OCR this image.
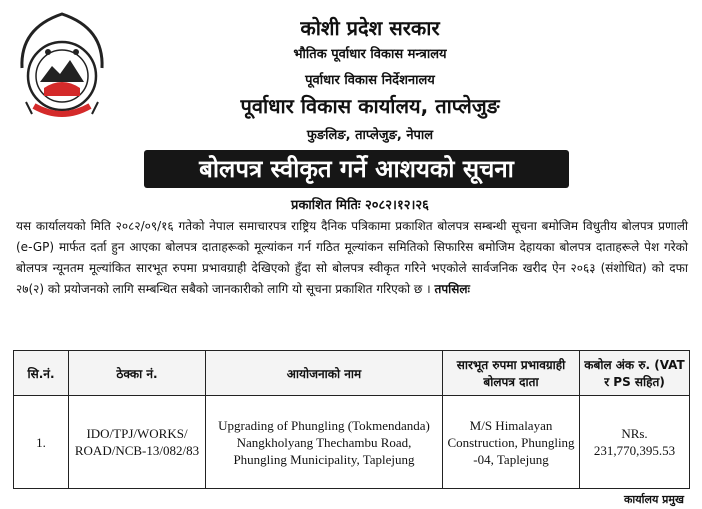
कोशी प्रदेश सरकार
भौतिक पूर्वाधार विकास मन्त्रालय
पूर्वाधार विकास निर्देशनालय
पूर्वाधार विकास कार्यालय, ताप्लेजुङ
फुङलिङ, ताप्लेजुङ, नेपाल
बोलपत्र स्वीकृत गर्ने आशयको सूचना
प्रकाशित मितिः २०८२।१२।२६
यस कार्यालयको मिति २०८२/०९/१६ गतेको नेपाल समाचारपत्र राष्ट्रिय दैनिक पत्रिकामा प्रकाशित बोलपत्र सम्बन्धी सूचना बमोजिम विधुतीय बोलपत्र प्रणाली (e-GP) मार्फत दर्ता हुन आएका बोलपत्र दाताहरूको मूल्यांकन गर्न गठित मूल्यांकन समितिको सिफारिस बमोजिम देहायका बोलपत्र दाताहरूले पेश गरेको बोलपत्र न्यूनतम मूल्यांकित सारभूत रुपमा प्रभावग्राही देखिएको हुँदा सो बोलपत्र स्वीकृत गरिने भएकोले सार्वजनिक खरीद ऐन २०६३ (संशोधित) को दफा २७(२) को प्रयोजनको लागि सम्बन्धित सबैको जानकारीको लागि यो सूचना प्रकाशित गरिएको छ । तपसिलः
सि.नं.	ठेक्का नं.	आयोजनाको नाम	सारभूत रुपमा प्रभावग्राही बोलपत्र दाता	कबोल अंक रु. (VAT र PS सहित)
1.	IDO/TPJ/WORKS/ ROAD/NCB-13/082/83	Upgrading of Phungling (Tokmendanda) Nangkholyang Thechambu Road, Phungling Municipality, Taplejung	M/S Himalayan Construction, Phungling -04, Taplejung	NRs. 231,770,395.53
कार्यालय प्रमुख
